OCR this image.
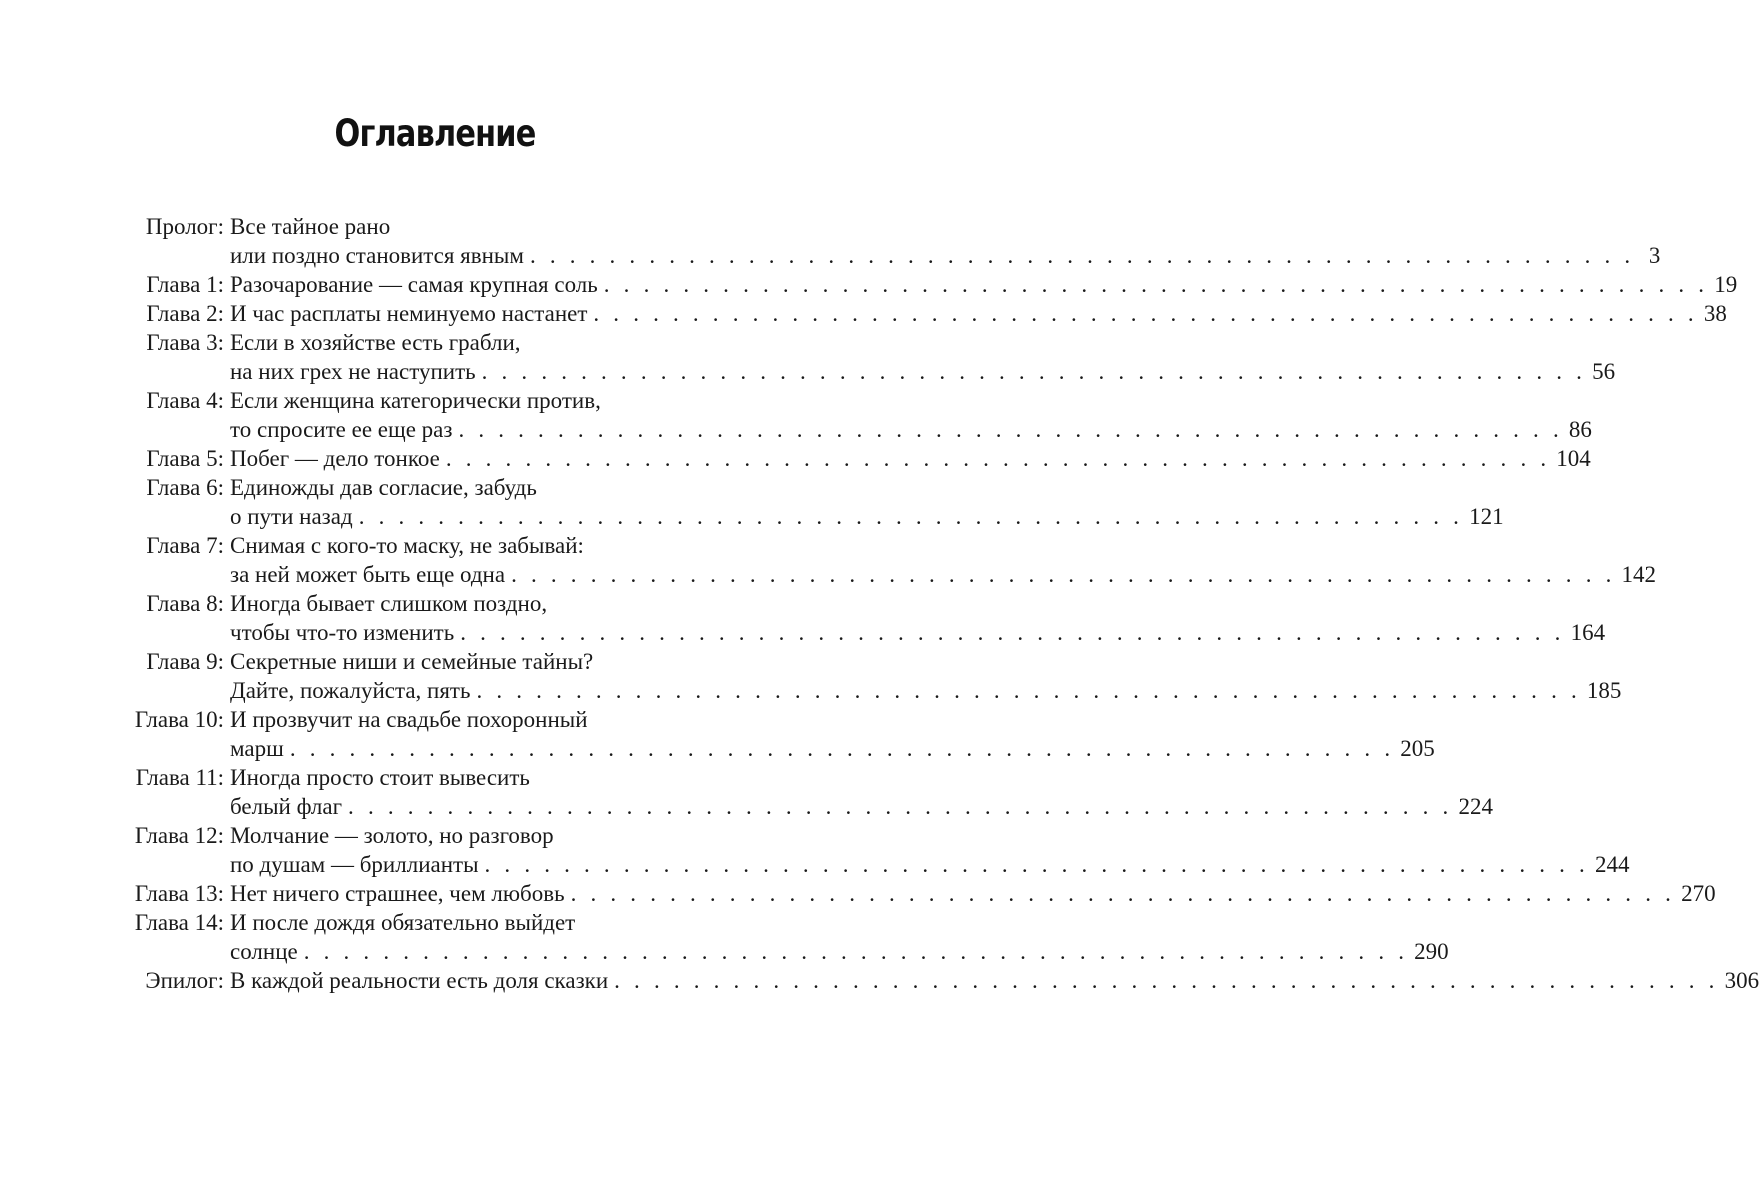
Оглавление
Пролог: Все тайное рано
или поздно становится явным . . . . . . . . . . . . . . . . . . . . . . . . . . . . . . . . . . . . . . . . . . . . . . . . . . . . . . . . 3
Глава 1: Разочарование — самая крупная соль . . . . . . . . . . . . . . . . . . . . . . . . . . . . . . . . . . . . . . . . . . . . . . . . . . . . . . . . 19
Глава 2: И час расплаты неминуемо настанет . . . . . . . . . . . . . . . . . . . . . . . . . . . . . . . . . . . . . . . . . . . . . . . . . . . . . . . . 38
Глава 3: Если в хозяйстве есть грабли,
на них грех не наступить . . . . . . . . . . . . . . . . . . . . . . . . . . . . . . . . . . . . . . . . . . . . . . . . . . . . . . . . 56
Глава 4: Если женщина категорически против,
то спросите ее еще раз . . . . . . . . . . . . . . . . . . . . . . . . . . . . . . . . . . . . . . . . . . . . . . . . . . . . . . . . 86
Глава 5: Побег — дело тонкое . . . . . . . . . . . . . . . . . . . . . . . . . . . . . . . . . . . . . . . . . . . . . . . . . . . . . . . . 104
Глава 6: Единожды дав согласие, забудь
о пути назад . . . . . . . . . . . . . . . . . . . . . . . . . . . . . . . . . . . . . . . . . . . . . . . . . . . . . . . . 121
Глава 7: Снимая с кого-то маску, не забывай:
за ней может быть еще одна . . . . . . . . . . . . . . . . . . . . . . . . . . . . . . . . . . . . . . . . . . . . . . . . . . . . . . . . 142
Глава 8: Иногда бывает слишком поздно,
чтобы что-то изменить . . . . . . . . . . . . . . . . . . . . . . . . . . . . . . . . . . . . . . . . . . . . . . . . . . . . . . . . 164
Глава 9: Секретные ниши и семейные тайны?
Дайте, пожалуйста, пять . . . . . . . . . . . . . . . . . . . . . . . . . . . . . . . . . . . . . . . . . . . . . . . . . . . . . . . . 185
Глава 10: И прозвучит на свадьбе похоронный
марш . . . . . . . . . . . . . . . . . . . . . . . . . . . . . . . . . . . . . . . . . . . . . . . . . . . . . . . . 205
Глава 11: Иногда просто стоит вывесить
белый флаг . . . . . . . . . . . . . . . . . . . . . . . . . . . . . . . . . . . . . . . . . . . . . . . . . . . . . . . . 224
Глава 12: Молчание — золото, но разговор
по душам — бриллианты . . . . . . . . . . . . . . . . . . . . . . . . . . . . . . . . . . . . . . . . . . . . . . . . . . . . . . . . 244
Глава 13: Нет ничего страшнее, чем любовь . . . . . . . . . . . . . . . . . . . . . . . . . . . . . . . . . . . . . . . . . . . . . . . . . . . . . . . . 270
Глава 14: И после дождя обязательно выйдет
солнце . . . . . . . . . . . . . . . . . . . . . . . . . . . . . . . . . . . . . . . . . . . . . . . . . . . . . . . . 290
Эпилог: В каждой реальности есть доля сказки . . . . . . . . . . . . . . . . . . . . . . . . . . . . . . . . . . . . . . . . . . . . . . . . . . . . . . . . 306
